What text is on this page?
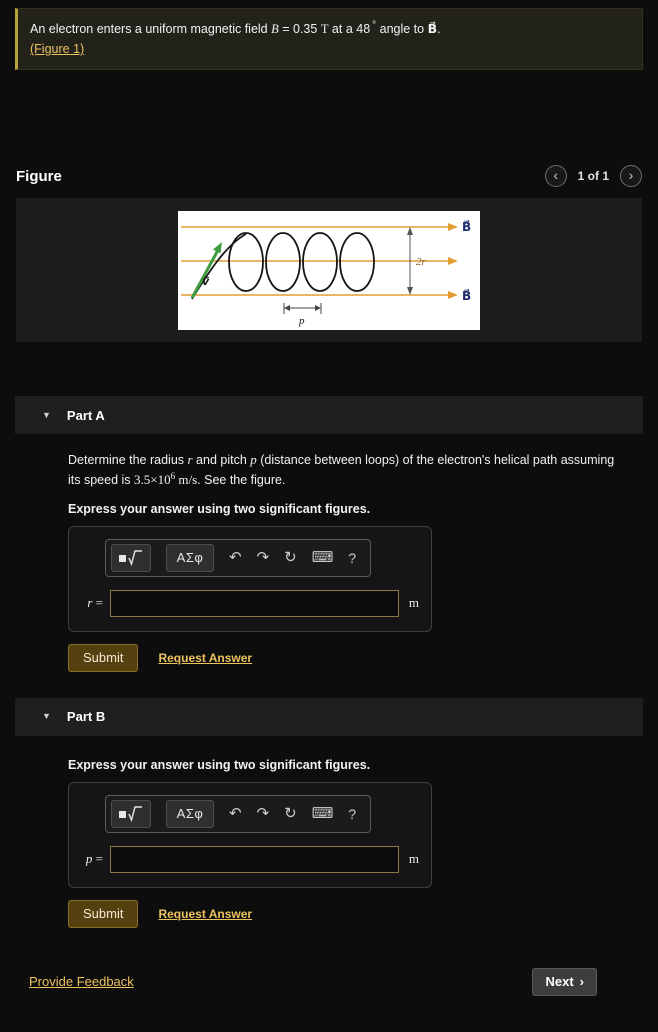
An electron enters a uniform magnetic field B = 0.35 T at a 48 ° angle to B⃗.
(Figure 1)
Figure	‹ 1 of 1 ›
B⃗
B⃗
v⃗
2r
p
▼ Part A

Determine the radius r and pitch p (distance between loops) of the electron's helical path assuming its speed is $3.5\times 10^6$ m/s. See the figure.

Express your answer using two significant figures.

ΑΣφ	↶ ↷ ↻ ⌨ ?
r =	m
Submit	Request Answer
▼ Part B

Express your answer using two significant figures.

ΑΣφ	↶ ↷ ↻ ⌨ ?
p =	m
Submit	Request Answer
Provide Feedback	Next ›
